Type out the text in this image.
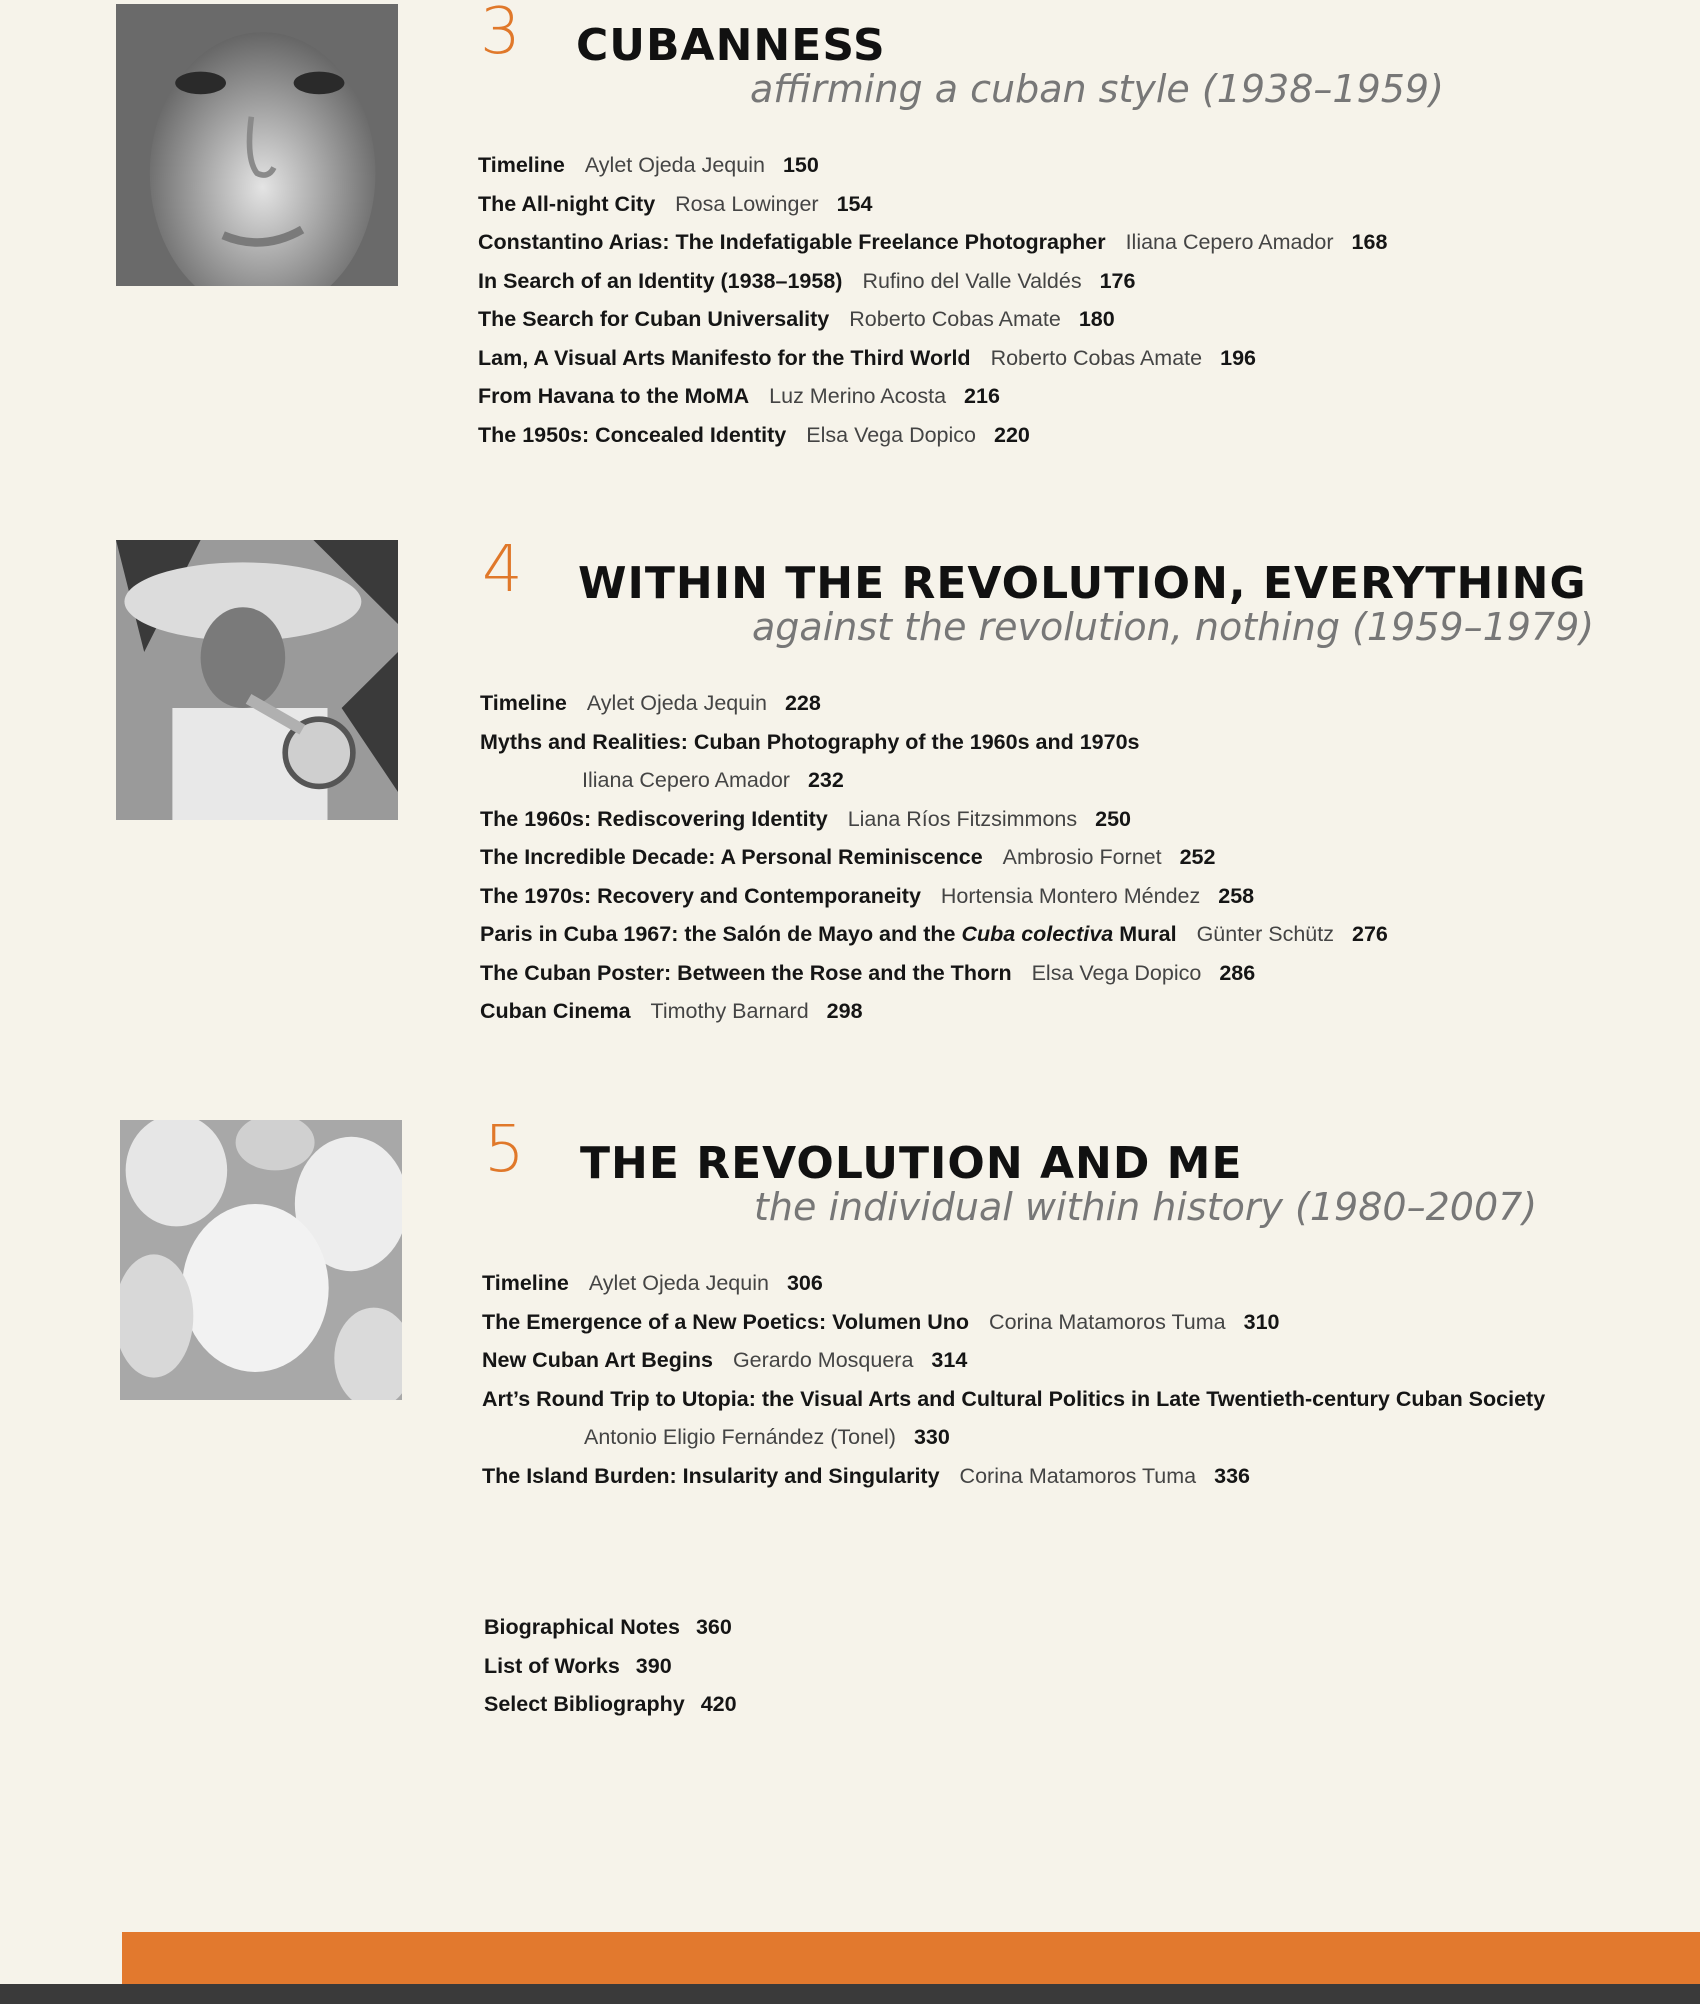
3 CUBANNESS
affirming a cuban style (1938–1959)
Timeline Aylet Ojeda Jequin 150
The All-night City Rosa Lowinger 154
Constantino Arias: The Indefatigable Freelance Photographer Iliana Cepero Amador 168
In Search of an Identity (1938–1958) Rufino del Valle Valdés 176
The Search for Cuban Universality Roberto Cobas Amate 180
Lam, A Visual Arts Manifesto for the Third World Roberto Cobas Amate 196
From Havana to the MoMA Luz Merino Acosta 216
The 1950s: Concealed Identity Elsa Vega Dopico 220
4 WITHIN THE REVOLUTION, EVERYTHING
against the revolution, nothing (1959–1979)
Timeline Aylet Ojeda Jequin 228
Myths and Realities: Cuban Photography of the 1960s and 1970s
Iliana Cepero Amador 232
The 1960s: Rediscovering Identity Liana Ríos Fitzsimmons 250
The Incredible Decade: A Personal Reminiscence Ambrosio Fornet 252
The 1970s: Recovery and Contemporaneity Hortensia Montero Méndez 258
Paris in Cuba 1967: the Salón de Mayo and the Cuba colectiva Mural Günter Schütz 276
The Cuban Poster: Between the Rose and the Thorn Elsa Vega Dopico 286
Cuban Cinema Timothy Barnard 298
5 THE REVOLUTION AND ME
the individual within history (1980–2007)
Timeline Aylet Ojeda Jequin 306
The Emergence of a New Poetics: Volumen Uno Corina Matamoros Tuma 310
New Cuban Art Begins Gerardo Mosquera 314
Art’s Round Trip to Utopia: the Visual Arts and Cultural Politics in Late Twentieth-century Cuban Society
Antonio Eligio Fernández (Tonel) 330
The Island Burden: Insularity and Singularity Corina Matamoros Tuma 336
Biographical Notes 360
List of Works 390
Select Bibliography 420
